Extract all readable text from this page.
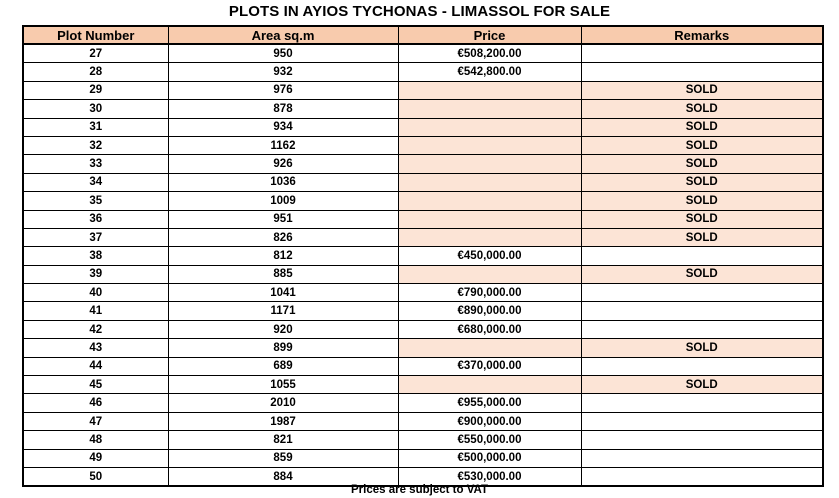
PLOTS IN AYIOS TYCHONAS - LIMASSOL FOR SALE
Plot Number	Area sq.m	Price	Remarks
27	950	€508,200.00	
28	932	€542,800.00	
29	976		SOLD
30	878		SOLD
31	934		SOLD
32	1162		SOLD
33	926		SOLD
34	1036		SOLD
35	1009		SOLD
36	951		SOLD
37	826		SOLD
38	812	€450,000.00	
39	885		SOLD
40	1041	€790,000.00	
41	1171	€890,000.00	
42	920	€680,000.00	
43	899		SOLD
44	689	€370,000.00	
45	1055		SOLD
46	2010	€955,000.00	
47	1987	€900,000.00	
48	821	€550,000.00	
49	859	€500,000.00	
50	884	€530,000.00	
Prices are subject to VAT
